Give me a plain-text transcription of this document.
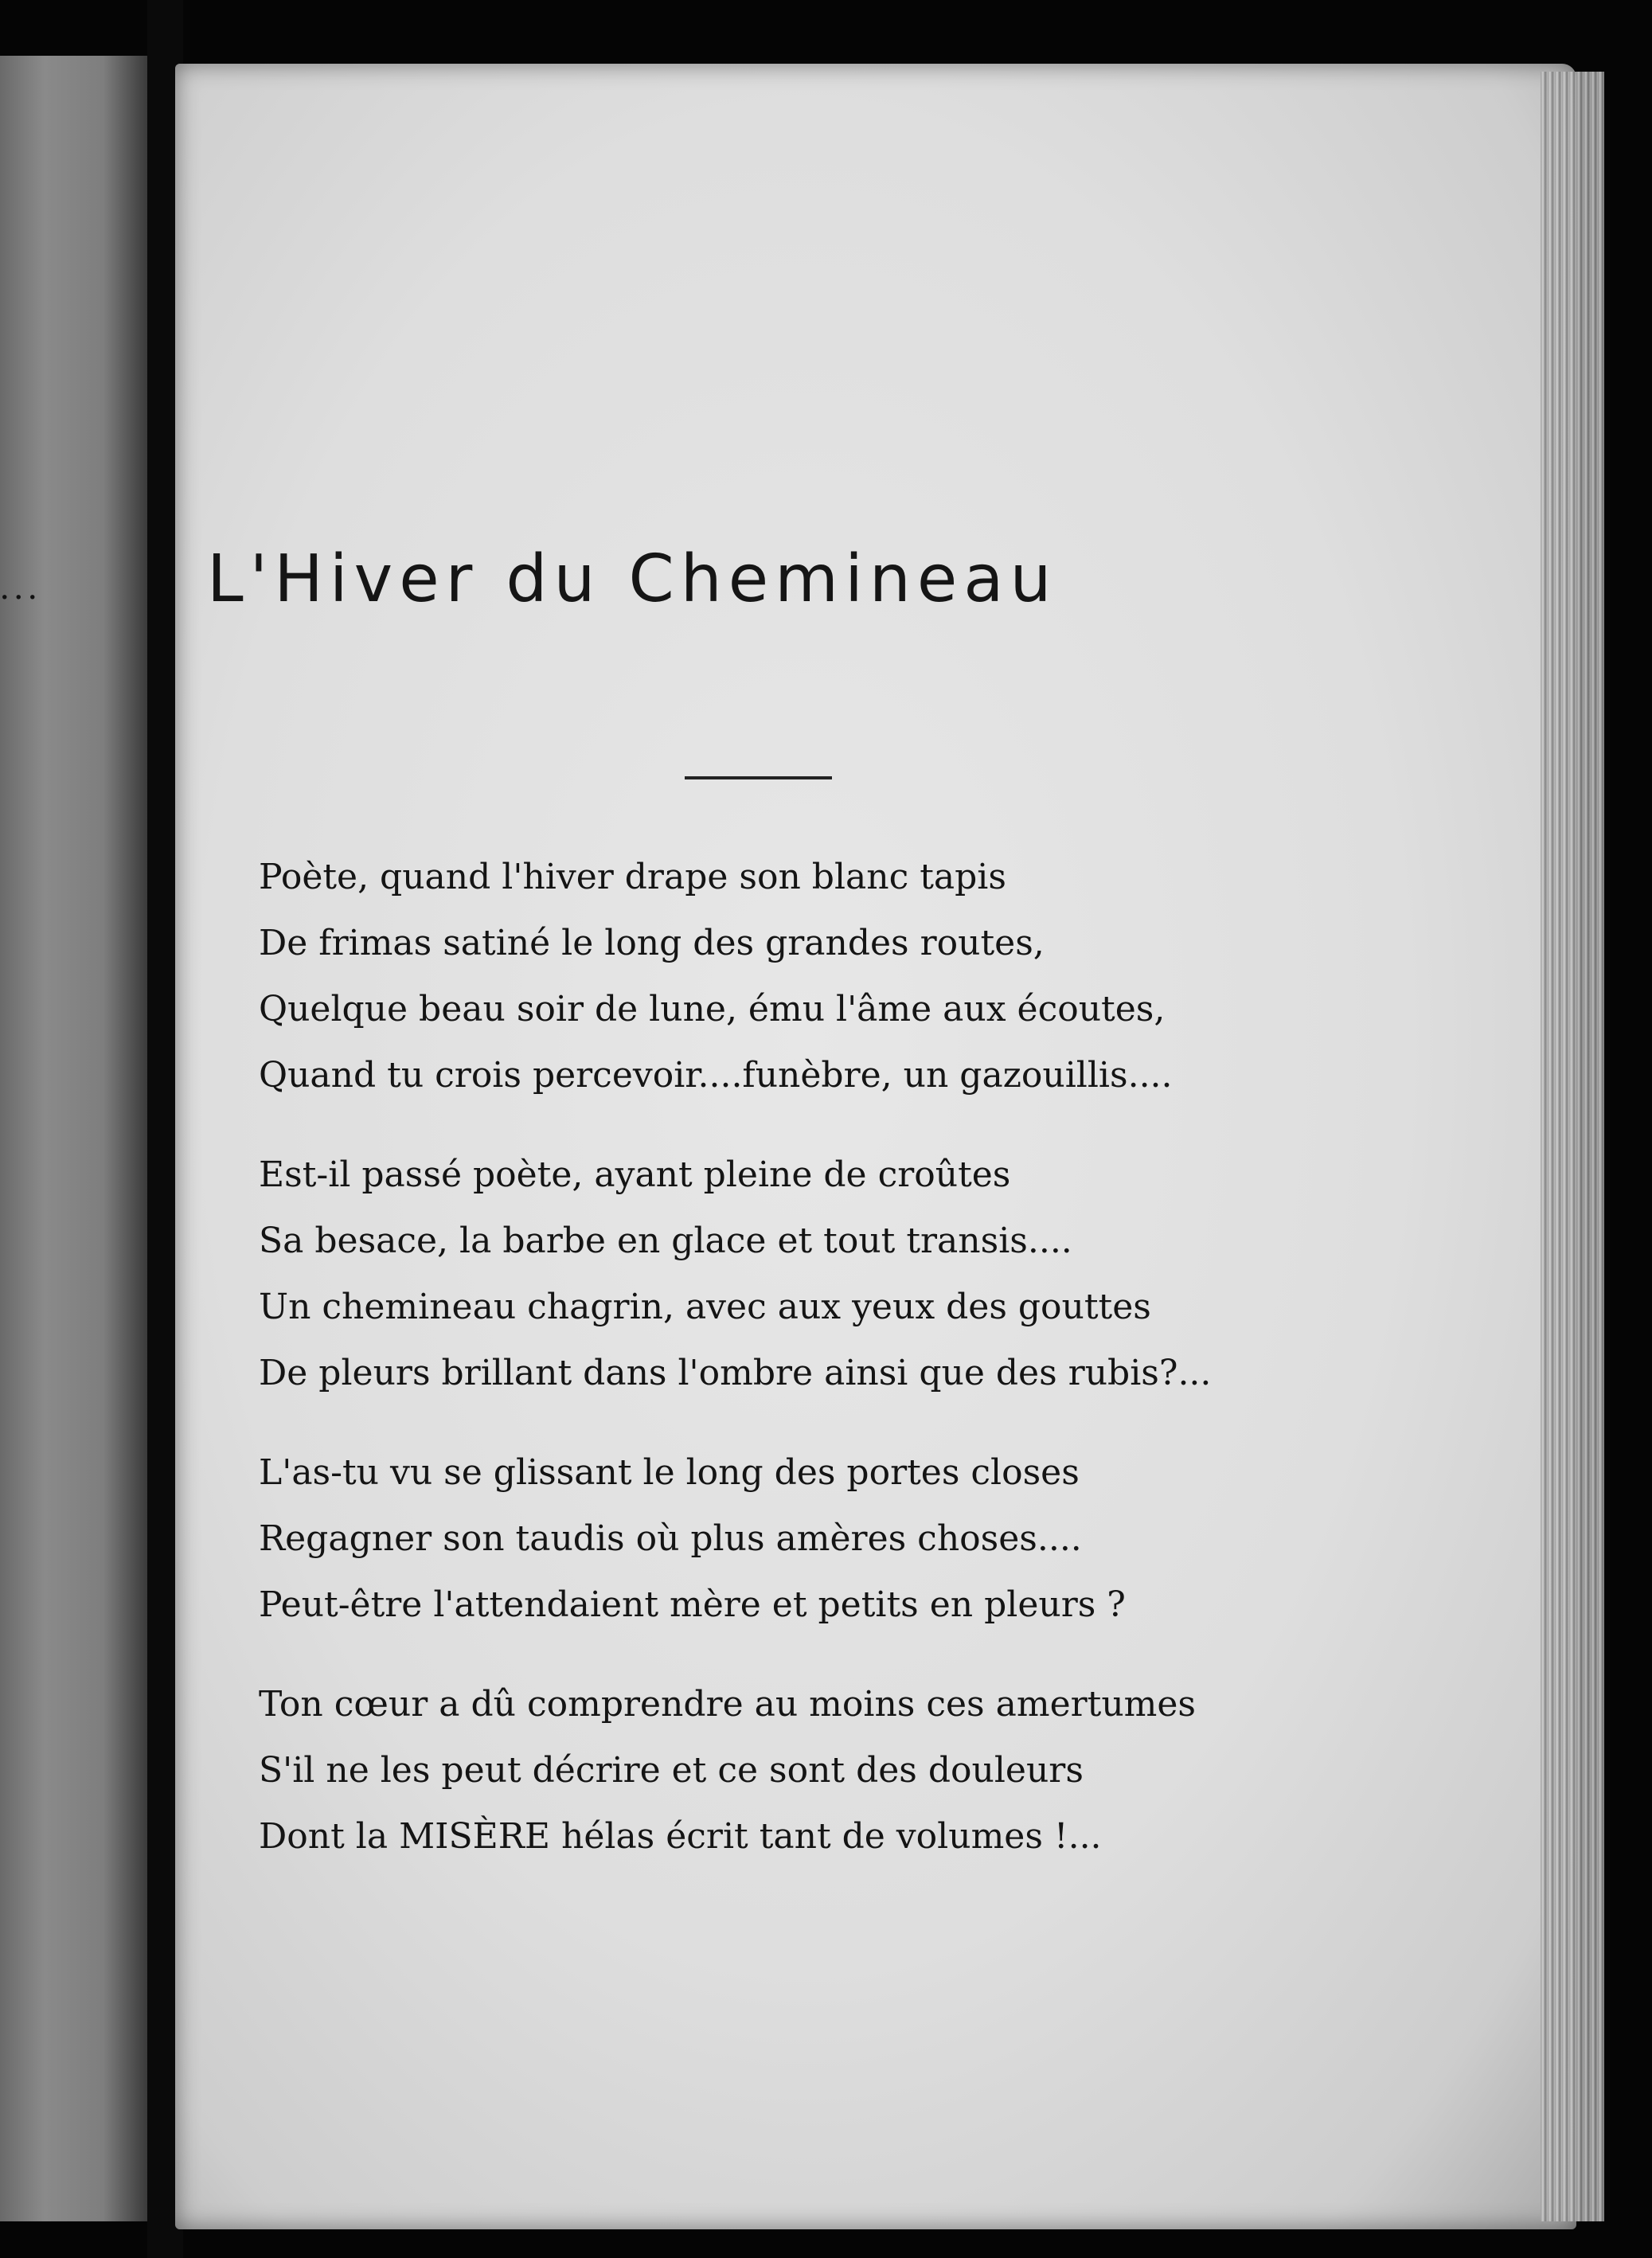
...	L'Hiver du Chemineau
Poète, quand l'hiver drape son blanc tapis
De frimas satiné le long des grandes routes,
Quelque beau soir de lune, ému l'âme aux écoutes,
Quand tu crois percevoir....funèbre, un gazouillis....
Est-il passé poète, ayant pleine de croûtes
Sa besace, la barbe en glace et tout transis....
Un chemineau chagrin, avec aux yeux des gouttes
De pleurs brillant dans l'ombre ainsi que des rubis?...
L'as-tu vu se glissant le long des portes closes
Regagner son taudis où plus amères choses....
Peut-être l'attendaient mère et petits en pleurs ?
Ton cœur a dû comprendre au moins ces amertumes
S'il ne les peut décrire et ce sont des douleurs
Dont la MISÈRE hélas écrit tant de volumes !...
